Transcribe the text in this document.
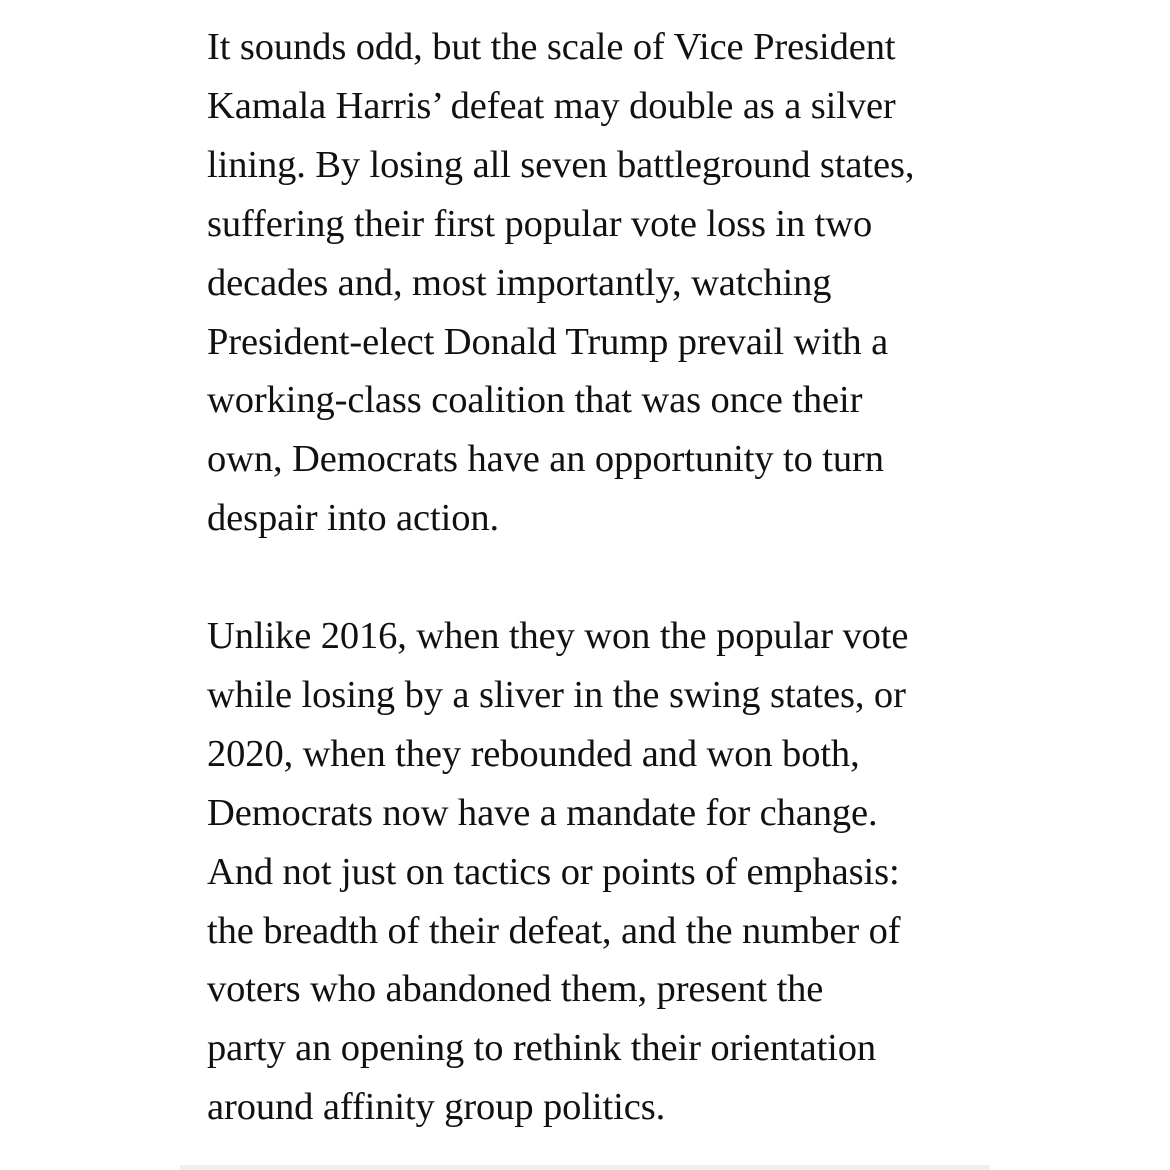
It sounds odd, but the scale of Vice President
Kamala Harris’ defeat may double as a silver
lining. By losing all seven battleground states,
suffering their first popular vote loss in two
decades and, most importantly, watching
President-elect Donald Trump prevail with a
working-class coalition that was once their
own, Democrats have an opportunity to turn
despair into action.

Unlike 2016, when they won the popular vote
while losing by a sliver in the swing states, or
2020, when they rebounded and won both,
Democrats now have a mandate for change.
And not just on tactics or points of emphasis:
the breadth of their defeat, and the number of
voters who abandoned them, present the
party an opening to rethink their orientation
around affinity group politics.
